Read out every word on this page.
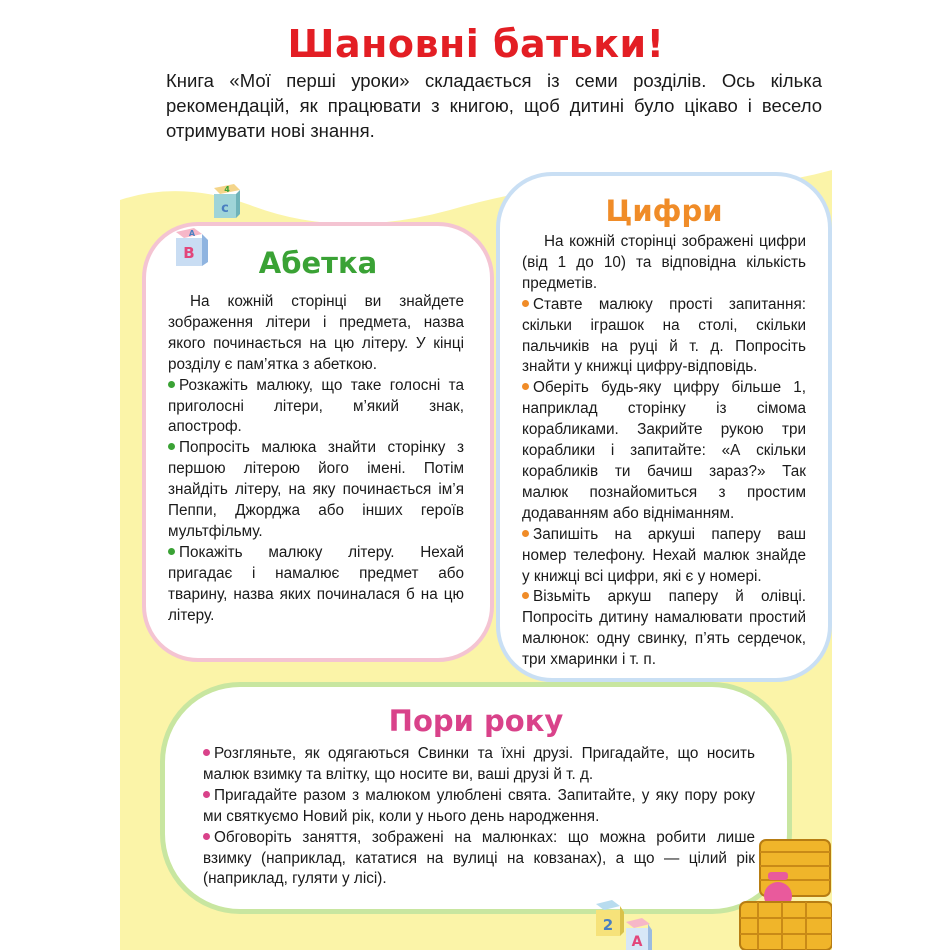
Шановні батьки!
Книга «Мої перші уроки» складається із семи розділів. Ось кілька рекомендацій, як працювати з книгою, щоб дитині було цікаво і весело отримувати нові знання.
Абетка

На кожній сторінці ви знайдете зображення літери і предмета, назва якого починається на цю літеру. У кінці розділу є пам’ятка з абеткою.

Розкажіть малюку, що таке голосні та приголосні літери, м’який знак, апостроф.

Попросіть малюка знайти сторінку з першою літерою його імені. Потім знайдіть літеру, на яку починається ім’я Пеппи, Джорджа або інших героїв мультфільму.

Покажіть малюку літеру. Нехай пригадає і намалює предмет або тварину, назва яких починалася б на цю літеру.

Цифри

На кожній сторінці зображені цифри (від 1 до 10) та відповідна кількість предметів.

Ставте малюку прості запитання: скільки іграшок на столі, скільки пальчиків на руці й т. д. Попросіть знайти у книжці цифру-відповідь.

Оберіть будь-яку цифру більше 1, наприклад сторінку із сімома корабликами. Закрийте рукою три кораблики і запитайте: «А скільки корабликів ти бачиш зараз?» Так малюк познайомиться з простим додаванням або відніманням.

Запишіть на аркуші паперу ваш номер телефону. Нехай малюк знайде у книжці всі цифри, які є у номері.

Візьміть аркуш паперу й олівці. Попросіть дитину намалювати простий малюнок: одну свинку, п’ять сердечок, три хмаринки і т. п.

Пори року

Розгляньте, як одягаються Свинки та їхні друзі. Пригадайте, що носить малюк взимку та влітку, що носите ви, ваші друзі й т. д.

Пригадайте разом з малюком улюблені свята. Запитайте, у яку пору року ми святкуємо Новий рік, коли у нього день народження.

Обговоріть заняття, зображені на малюнках: що можна робити лише взимку (наприклад, кататися на вулиці на ковзанах), а що — цілий рік (наприклад, гуляти у лісі).

c
4
B
A
2
A
